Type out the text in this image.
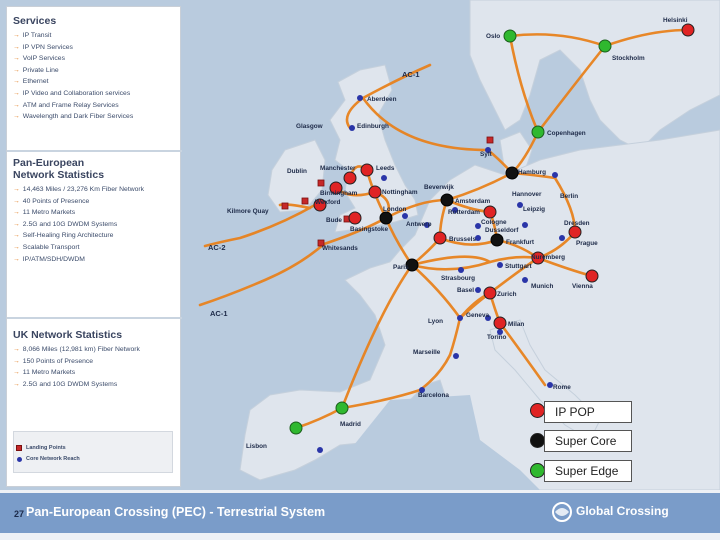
AC-1
AC-2
AC-1
Helsinki
Oslo
Stockholm
Aberdeen
Edinburgh
Glasgow
Copenhagen
Sylt
Manchester	Leeds
Dublin	Hamburg
Birmingham	Nottingham
Beverwijk
Wexford
Hannover	Berlin
Kilmore Quay	London
Amsterdam
Leipzig
Bude
Rotterdam
Basingstoke
Antwerp	Cologne
Dusseldorf
Dresden
Brussels	Frankfurt	Prague
Whitesands
Nuremberg
Paris
Strasbourg
Stuttgart
Munich	Vienna
Basel
Zurich
Geneva
Lyon	Milan
Torino
Marseille
Rome
Barcelona
Madrid
Lisbon
IP POP
Super Core
Super Edge
Services
→ IP Transit
→ IP VPN Services
→ VoIP Services
→ Private Line
→ Ethernet
→ IP Video and Collaboration services
→ ATM and Frame Relay Services
→ Wavelength and Dark Fiber Services
Pan-European
Network Statistics
→ 14,463 Miles / 23,276 Km Fiber Network
→ 40 Points of Presence
→ 11 Metro Markets
→ 2.5G and 10G DWDM Systems
→ Self-Healing Ring Architecture
→ Scalable Transport
→ IP/ATM/SDH/DWDM
UK Network Statistics
→ 8,066 Miles (12,981 km) Fiber Network
→ 150 Points of Presence
→ 11 Metro Markets
→ 2.5G and 10G DWDM Systems
Landing Points
Core Network Reach
27 Pan-European Crossing (PEC) - Terrestrial System	Global Crossing
